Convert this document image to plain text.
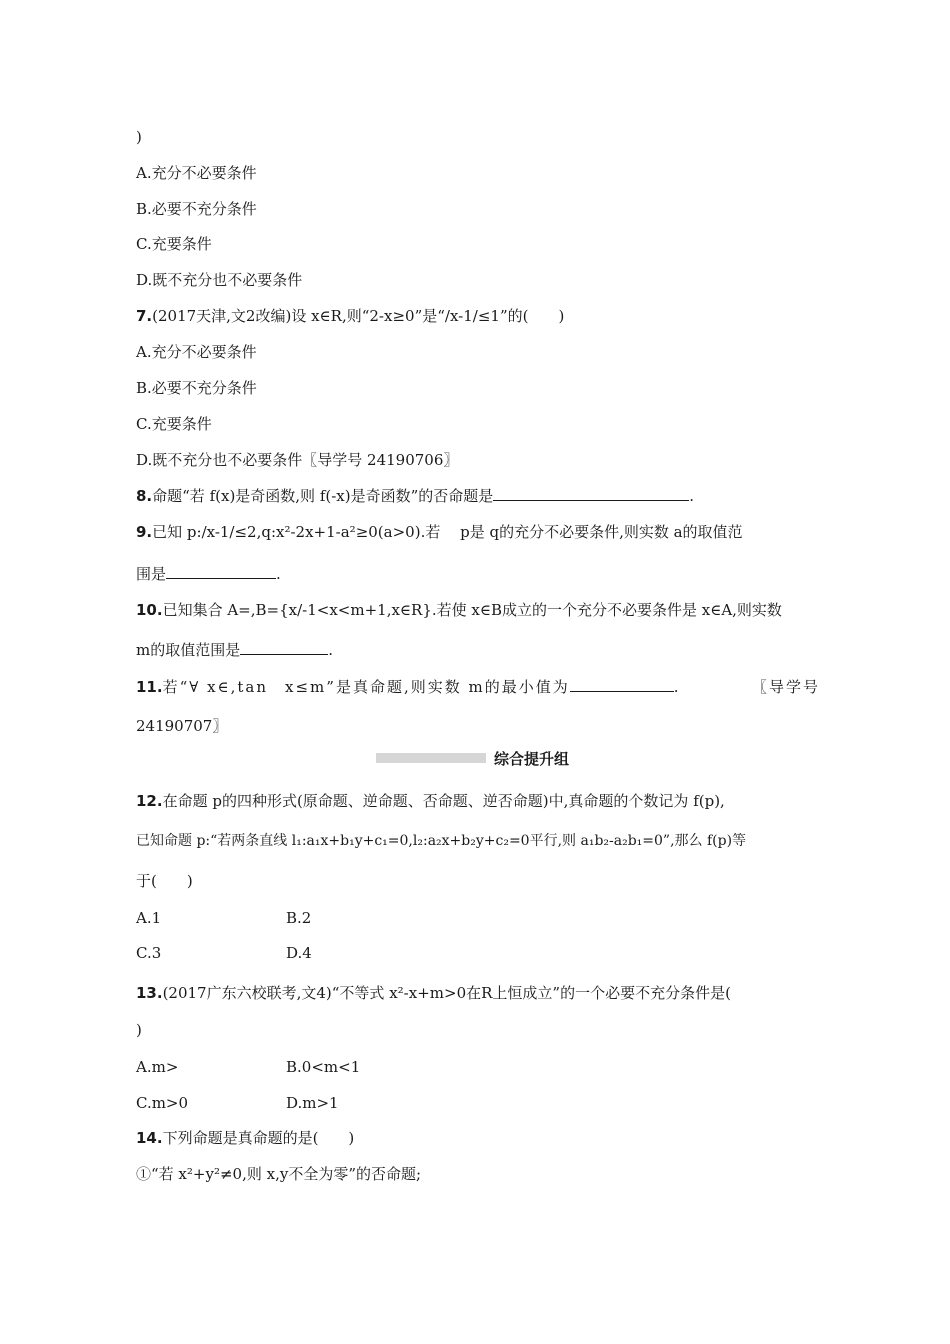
)
A.充分不必要条件
B.必要不充分条件
C.充要条件
D.既不充分也不必要条件
7.(2017天津,文2改编)设 x∈R,则“2-x≥0”是“/x-1/≤1”的(　　)
A.充分不必要条件
B.必要不充分条件
C.充要条件
D.既不充分也不必要条件〖导学号 24190706〗
8.命题“若 f(x)是奇函数,则 f(-x)是奇函数”的否命题是	.
9.已知 p:/x-1/≤2,q:x²-2x+1-a²≥0(a>0).若　 p是 q的充分不必要条件,则实数 a的取值范
围是	.
10.已知集合 A=,B={x/-1<x<m+1,x∈R}.若使 x∈B成立的一个充分不必要条件是 x∈A,则实数
m的取值范围是	.
11.若“∀ x∈,tan　x≤m”是真命题,则实数 m的最小值为	.	〖导学号
24190707〗
综合提升组
12.在命题 p的四种形式(原命题、逆命题、否命题、逆否命题)中,真命题的个数记为 f(p),
已知命题 p:“若两条直线 l₁:a₁x+b₁y+c₁=0,l₂:a₂x+b₂y+c₂=0平行,则 a₁b₂-a₂b₁=0”,那么 f(p)等
于(　　)
A.1	B.2
C.3	D.4
13.(2017广东六校联考,文4)“不等式 x²-x+m>0在R上恒成立”的一个必要不充分条件是(
)
A.m>	B.0<m<1
C.m>0	D.m>1
14.下列命题是真命题的是(　　)
①“若 x²+y²≠0,则 x,y不全为零”的否命题;
